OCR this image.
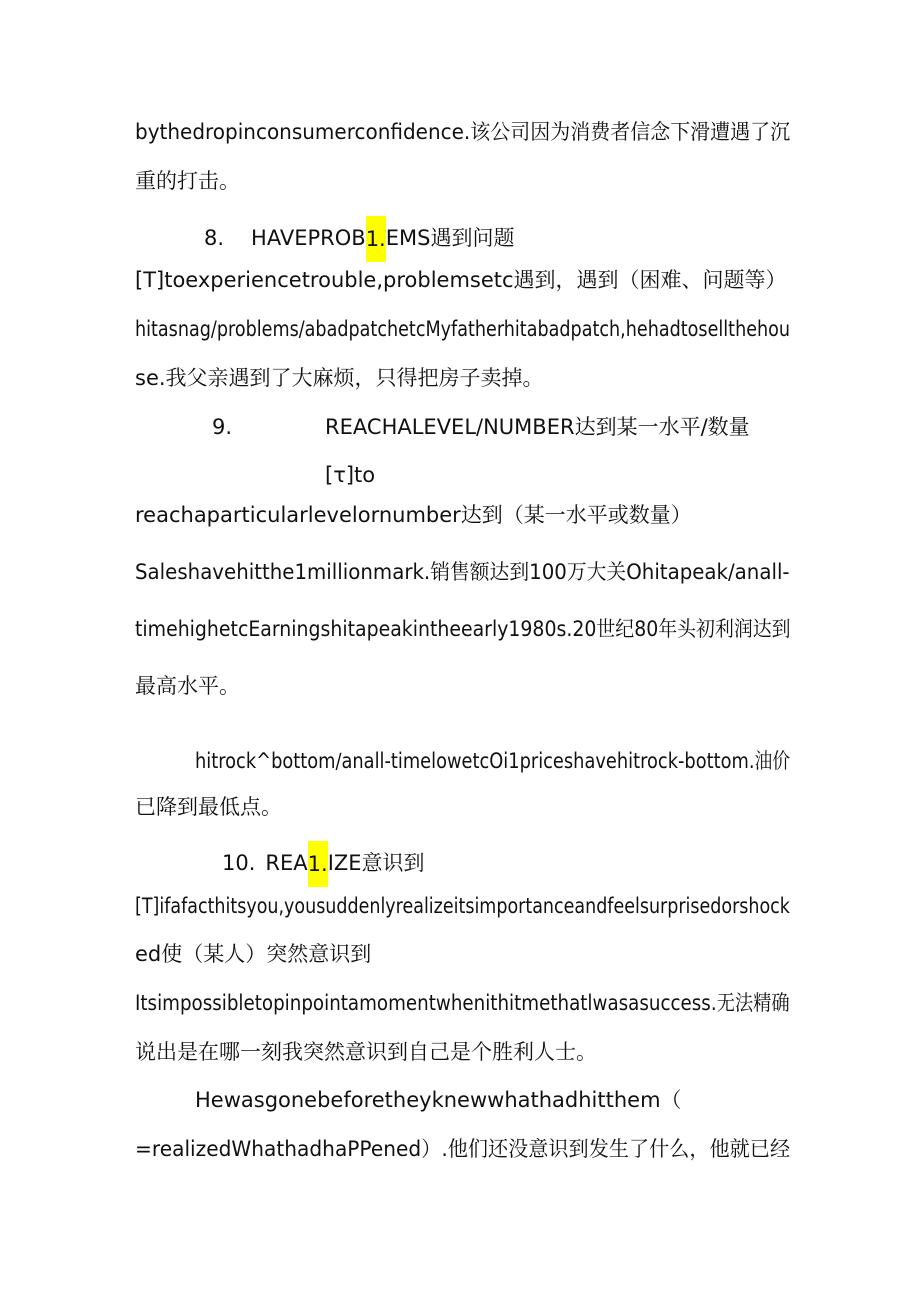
bythedropinconsumerconfidence.该公司因为消费者信念下滑遭遇了沉
重的打击。
8. HAVEPROB1.EMS遇到问题
[T]toexperiencetrouble,problemsetc遇到，遇到（困难、问题等）
hitasnag/problems/abadpatchetcMyfatherhitabadpatch,hehadtosellthehou
se.我父亲遇到了大麻烦，只得把房子卖掉。
9.	REACHALEVEL/NUMBER达到某一水平/数量
[τ]to
reachaparticularlevelornumber达到（某一水平或数量）
Saleshavehitthe1millionmark.销售额达到100万大关Ohitapeak/anall-
timehighetcEarningshitapeakintheearly1980s.20世纪80年头初利润达到
最高水平。
hitrock^bottom∕anall-timelowetcOi1priceshavehitrock-bottom.油价
已降到最低点。
10. REA1.IZE意识到
[T]ifafacthitsyou,yousuddenlyrealizeitsimportanceandfeelsurprisedorshock
ed使（某人）突然意识到
Itsimpossibletopinpointamomentwhenithitmethatlwasasuccess.无法精确
说出是在哪一刻我突然意识到自己是个胜利人士。
Hewasgonebeforetheyknewwhathadhitthem（
=realizedWhathadhaPPened）.他们还没意识到发生了什么，他就已经
